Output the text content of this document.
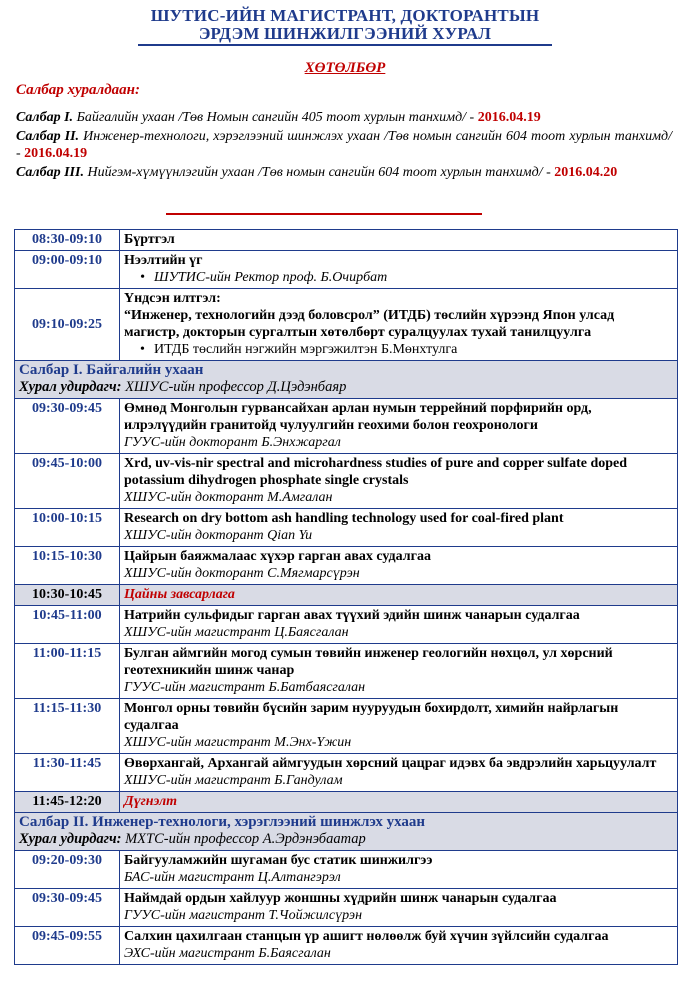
ШУТИС-ИЙН МАГИСТРАНТ, ДОКТОРАНТЫН
ЭРДЭМ ШИНЖИЛГЭЭНИЙ ХУРАЛ
ХӨТӨЛБӨР
Салбар хуралдаан:
Салбар I. Байгалийн ухаан /Төв Номын сангийн 405 тоот хурлын танхимд/ - 2016.04.19
Салбар II. Инженер-технологи, хэрэглээний шинжлэх ухаан /Төв номын сангийн 604 тоот хурлын танхимд/ - 2016.04.19
Салбар III. Нийгэм-хүмүүнлэгийн ухаан /Төв номын сангийн 604 тоот хурлын танхимд/ - 2016.04.20
08:30-09:10	Бүртгэл

09:00-09:10	Нээлтийн үг
• ШУТИС-ийн Ректор проф. Б.Очирбат

09:10-09:25	Үндсэн илтгэл:
“Инженер, технологийн дээд боловсрол” (ИТДБ) төслийн хүрээнд Япон улсад магистр, докторын сургалтын хөтөлбөрт суралцуулах тухай танилцуулга
• ИТДБ төслийн нэгжийн мэргэжилтэн Б.Мөнхтулга

Салбар I. Байгалийн ухаан
Хурал удирдагч: ХШУС-ийн профессор Д.Цэдэнбаяр	

09:30-09:45	Өмнөд Монголын гурвансайхан арлан нумын террейний порфирийн орд, илрэлүүдийн гранитойд чулуулгийн геохими болон геохронологи
ГУУС-ийн докторант Б.Энхжаргал

09:45-10:00	Xrd, uv-vis-nir spectral and microhardness studies of pure and copper sulfate doped potassium dihydrogen phosphate single crystals
ХШУС-ийн докторант М.Амгалан

10:00-10:15	Research on dry bottom ash handling technology used for coal-fired plant
ХШУС-ийн докторант Qian Yu

10:15-10:30	Цайрын баяжмалаас хүхэр гарган авах судалгаа
ХШУС-ийн докторант С.Мягмарсүрэн

10:30-10:45	Цайны завсарлага
10:45-11:00	Натрийн сульфидыг гарган авах түүхий эдийн шинж чанарын судалгаа
ХШУС-ийн магистрант Ц.Баясгалан

11:00-11:15	Булган аймгийн могод сумын төвийн инженер геологийн нөхцөл, ул хөрсний геотехникийн шинж чанар
ГУУС-ийн магистрант Б.Батбаясгалан

11:15-11:30	Монгол орны төвийн бүсийн зарим нууруудын бохирдолт, химийн найрлагын судалгаа
ХШУС-ийн магистрант М.Энх-Үжин

11:30-11:45	Өвөрхангай, Архангай аймгуудын хөрсний цацраг идэвх ба эвдрэлийн харьцуулалт
ХШУС-ийн магистрант Б.Гандулам

11:45-12:20	Дүгнэлт

Салбар II. Инженер-технологи, хэрэглээний шинжлэх ухаан
Хурал удирдагч: МХТС-ийн профессор А.Эрдэнэбаатар	

09:20-09:30	Байгууламжийн шугаман бус статик шинжилгээ
БАС-ийн магистрант Ц.Алтангэрэл

09:30-09:45	Наймдай ордын хайлуур жоншны хүдрийн шинж чанарын судалгаа
ГУУС-ийн магистрант Т.Чойжилсүрэн

09:45-09:55	Салхин цахилгаан станцын үр ашигт нөлөөлж буй хүчин зүйлсийн судалгаа
ЭХС-ийн магистрант Б.Баясгалан
